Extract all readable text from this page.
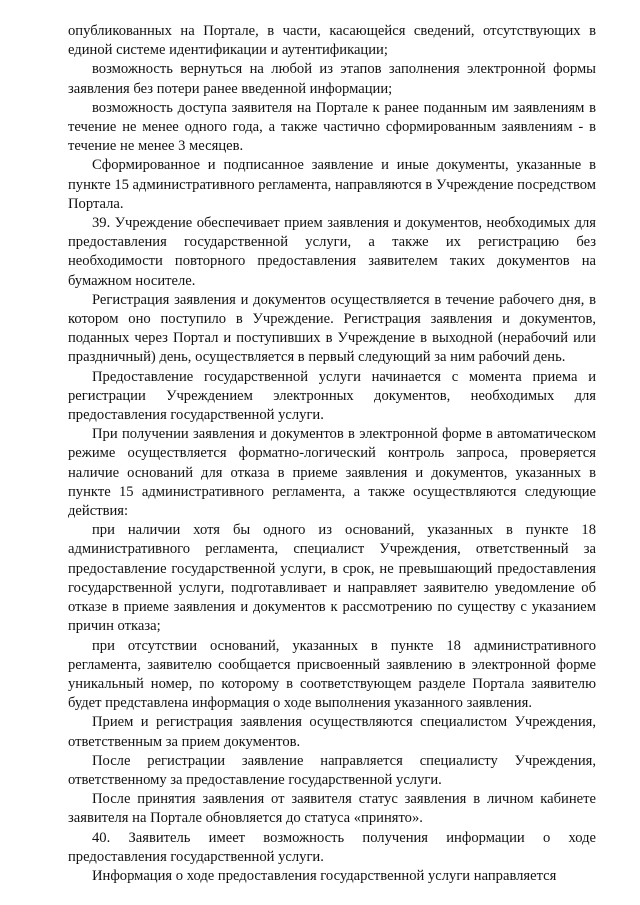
опубликованных на Портале, в части, касающейся сведений, отсутствующих в единой системе идентификации и аутентификации;

возможность вернуться на любой из этапов заполнения электронной формы заявления без потери ранее введенной информации;

возможность доступа заявителя на Портале к ранее поданным им заявлениям в течение не менее одного года, а также частично сформированным заявлениям - в течение не менее 3 месяцев.

Сформированное и подписанное заявление и иные документы, указанные в пункте 15 административного регламента, направляются в Учреждение посредством Портала.

39. Учреждение обеспечивает прием заявления и документов, необходимых для предоставления государственной услуги, а также их регистрацию без необходимости повторного предоставления заявителем таких документов на бумажном носителе.

Регистрация заявления и документов осуществляется в течение рабочего дня, в котором оно поступило в Учреждение. Регистрация заявления и документов, поданных через Портал и поступивших в Учреждение в выходной (нерабочий или праздничный) день, осуществляется в первый следующий за ним рабочий день.

Предоставление государственной услуги начинается с момента приема и регистрации Учреждением электронных документов, необходимых для предоставления государственной услуги.

При получении заявления и документов в электронной форме в автоматическом режиме осуществляется форматно-логический контроль запроса, проверяется наличие оснований для отказа в приеме заявления и документов, указанных в пункте 15 административного регламента, а также осуществляются следующие действия:

при наличии хотя бы одного из оснований, указанных в пункте 18 административного регламента, специалист Учреждения, ответственный за предоставление государственной услуги, в срок, не превышающий предоставления государственной услуги, подготавливает и направляет заявителю уведомление об отказе в приеме заявления и документов к рассмотрению по существу с указанием причин отказа;

при отсутствии оснований, указанных в пункте 18 административного регламента, заявителю сообщается присвоенный заявлению в электронной форме уникальный номер, по которому в соответствующем разделе Портала заявителю будет представлена информация о ходе выполнения указанного заявления.

Прием и регистрация заявления осуществляются специалистом Учреждения, ответственным за прием документов.

После регистрации заявление направляется специалисту Учреждения, ответственному за предоставление государственной услуги.

После принятия заявления от заявителя статус заявления в личном кабинете заявителя на Портале обновляется до статуса «принято».

40. Заявитель имеет возможность получения информации о ходе предоставления государственной услуги.

Информация о ходе предоставления государственной услуги направляется
